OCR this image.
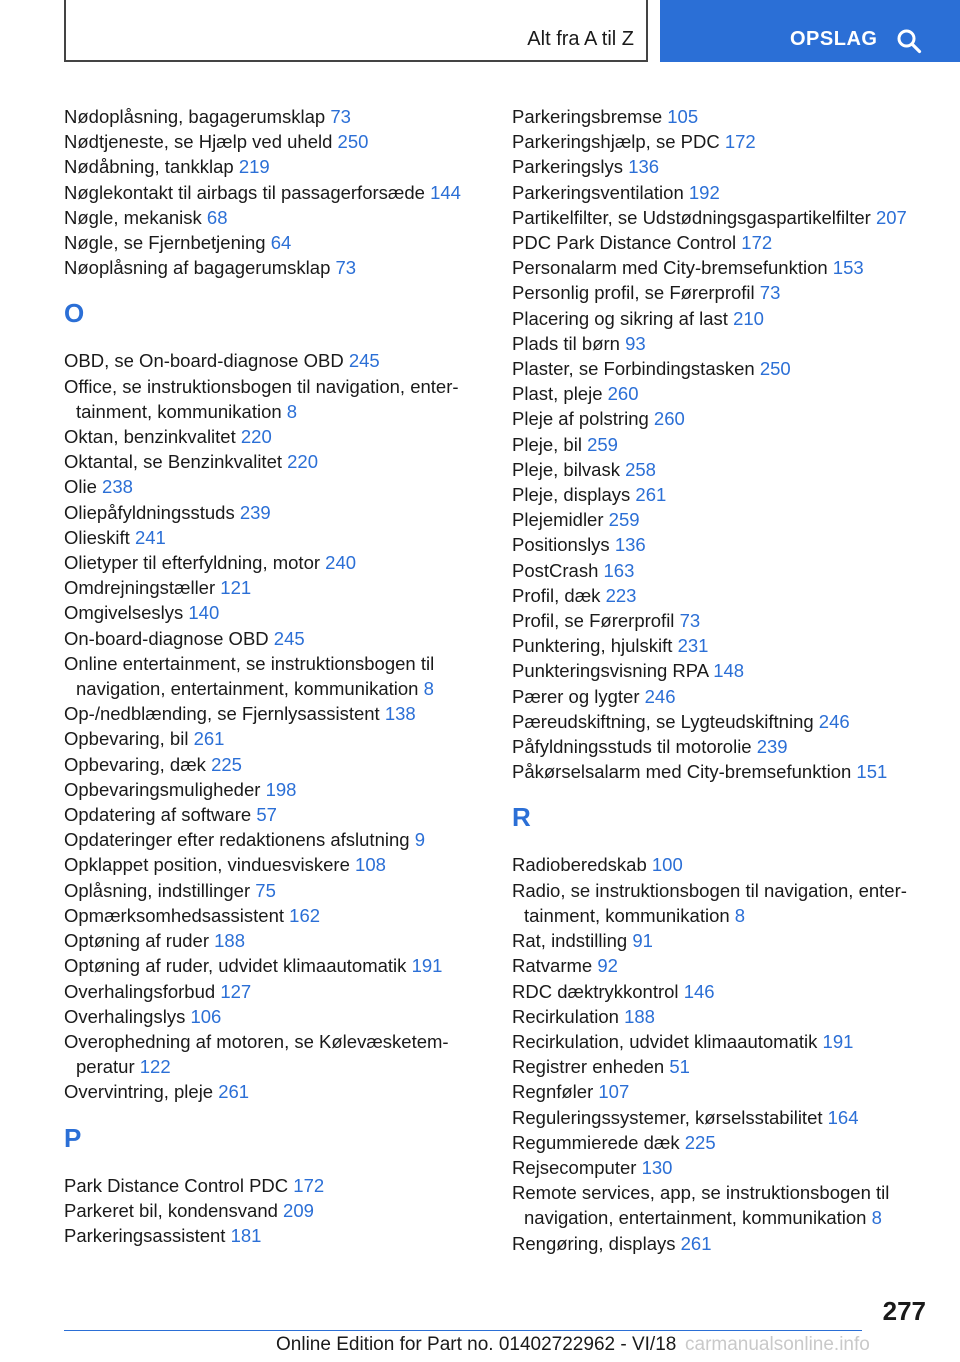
Alt fra A til Z	OPSLAG

Nødoplåsning, bagagerumsklap 73

Nødtjeneste, se Hjælp ved uheld 250

Nødåbning, tankklap 219

Nøglekontakt til airbags til passagerforsæde 144

Nøgle, mekanisk 68

Nøgle, se Fjernbetjening 64

Nøoplåsning af bagagerumsklap 73

O

OBD, se On-board-diagnose OBD 245

Office, se instruktionsbogen til navigation, entertainment, kommunikation 8

Oktan, benzinkvalitet 220

Oktantal, se Benzinkvalitet 220

Olie 238

Oliepåfyldningsstuds 239

Olieskift 241

Olietyper til efterfyldning, motor 240

Omdrejningstæller 121

Omgivelseslys 140

On-board-diagnose OBD 245

Online entertainment, se instruktionsbogen til navigation, entertainment, kommunikation 8

Op-/nedblænding, se Fjernlysassistent 138

Opbevaring, bil 261

Opbevaring, dæk 225

Opbevaringsmuligheder 198

Opdatering af software 57

Opdateringer efter redaktionens afslutning 9

Opklappet position, vinduesviskere 108

Oplåsning, indstillinger 75

Opmærksomhedsassistent 162

Optøning af ruder 188

Optøning af ruder, udvidet klimaautomatik 191

Overhalingsforbud 127

Overhalingslys 106

Overophedning af motoren, se Kølevæsketemperatur 122

Overvintring, pleje 261

P

Park Distance Control PDC 172

Parkeret bil, kondensvand 209

Parkeringsassistent 181

Parkeringsbremse 105

Parkeringshjælp, se PDC 172

Parkeringslys 136

Parkeringsventilation 192

Partikelfilter, se Udstødningsgaspartikelfilter 207

PDC Park Distance Control 172

Personalarm med City-bremsefunktion 153

Personlig profil, se Førerprofil 73

Placering og sikring af last 210

Plads til børn 93

Plaster, se Forbindingstasken 250

Plast, pleje 260

Pleje af polstring 260

Pleje, bil 259

Pleje, bilvask 258

Pleje, displays 261

Plejemidler 259

Positionslys 136

PostCrash 163

Profil, dæk 223

Profil, se Førerprofil 73

Punktering, hjulskift 231

Punkteringsvisning RPA 148

Pærer og lygter 246

Pæreudskiftning, se Lygteudskiftning 246

Påfyldningsstuds til motorolie 239

Påkørselsalarm med City-bremsefunktion 151

R

Radioberedskab 100

Radio, se instruktionsbogen til navigation, entertainment, kommunikation 8

Rat, indstilling 91

Ratvarme 92

RDC dæktrykkontrol 146

Recirkulation 188

Recirkulation, udvidet klimaautomatik 191

Registrer enheden 51

Regnføler 107

Reguleringssystemer, kørselsstabilitet 164

Regummierede dæk 225

Rejsecomputer 130

Remote services, app, se instruktionsbogen til navigation, entertainment, kommunikation 8

Rengøring, displays 261

277
Online Edition for Part no. 01402722962 - VI/18 carmanualsonline.info
